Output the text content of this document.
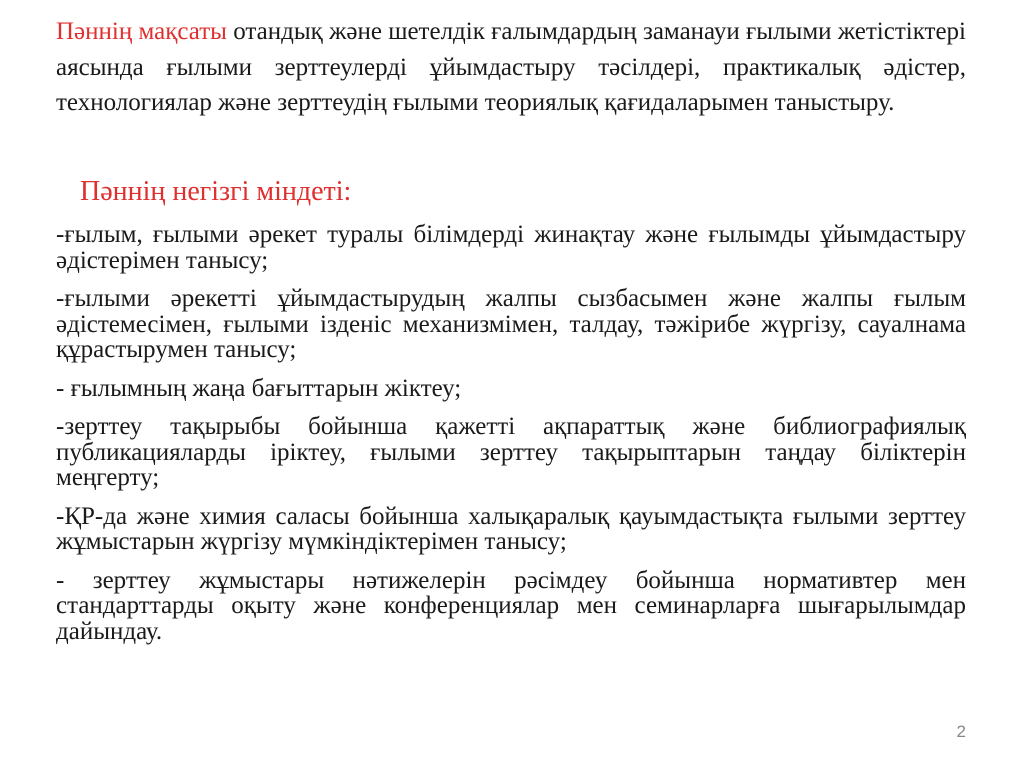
Пәннің мақсаты отандық және шетелдік ғалымдардың заманауи ғылыми жетістіктері аясында ғылыми зерттеулерді ұйымдастыру тәсілдері, практикалық әдістер, технологиялар және зерттеудің ғылыми теориялық қағидаларымен таныстыру.

Пәннің негізгі міндеті:
-ғылым, ғылыми әрекет туралы білімдерді жинақтау және ғылымды ұйымдастыру әдістерімен танысу;
-ғылыми әрекетті ұйымдастырудың жалпы сызбасымен және жалпы ғылым әдістемесімен, ғылыми ізденіс механизмімен, талдау, тәжірибе жүргізу, сауалнама құрастырумен танысу;
- ғылымның жаңа бағыттарын жіктеу;
-зерттеу тақырыбы бойынша қажетті ақпараттық және библиографиялық публикацияларды іріктеу, ғылыми зерттеу тақырыптарын таңдау біліктерін меңгерту;
-ҚР-да және химия саласы бойынша халықаралық қауымдастықта ғылыми зерттеу жұмыстарын жүргізу мүмкіндіктерімен танысу;
- зерттеу жұмыстары нәтижелерін рәсімдеу бойынша нормативтер мен стандарттарды оқыту және конференциялар мен семинарларға шығарылымдар дайындау.
2
